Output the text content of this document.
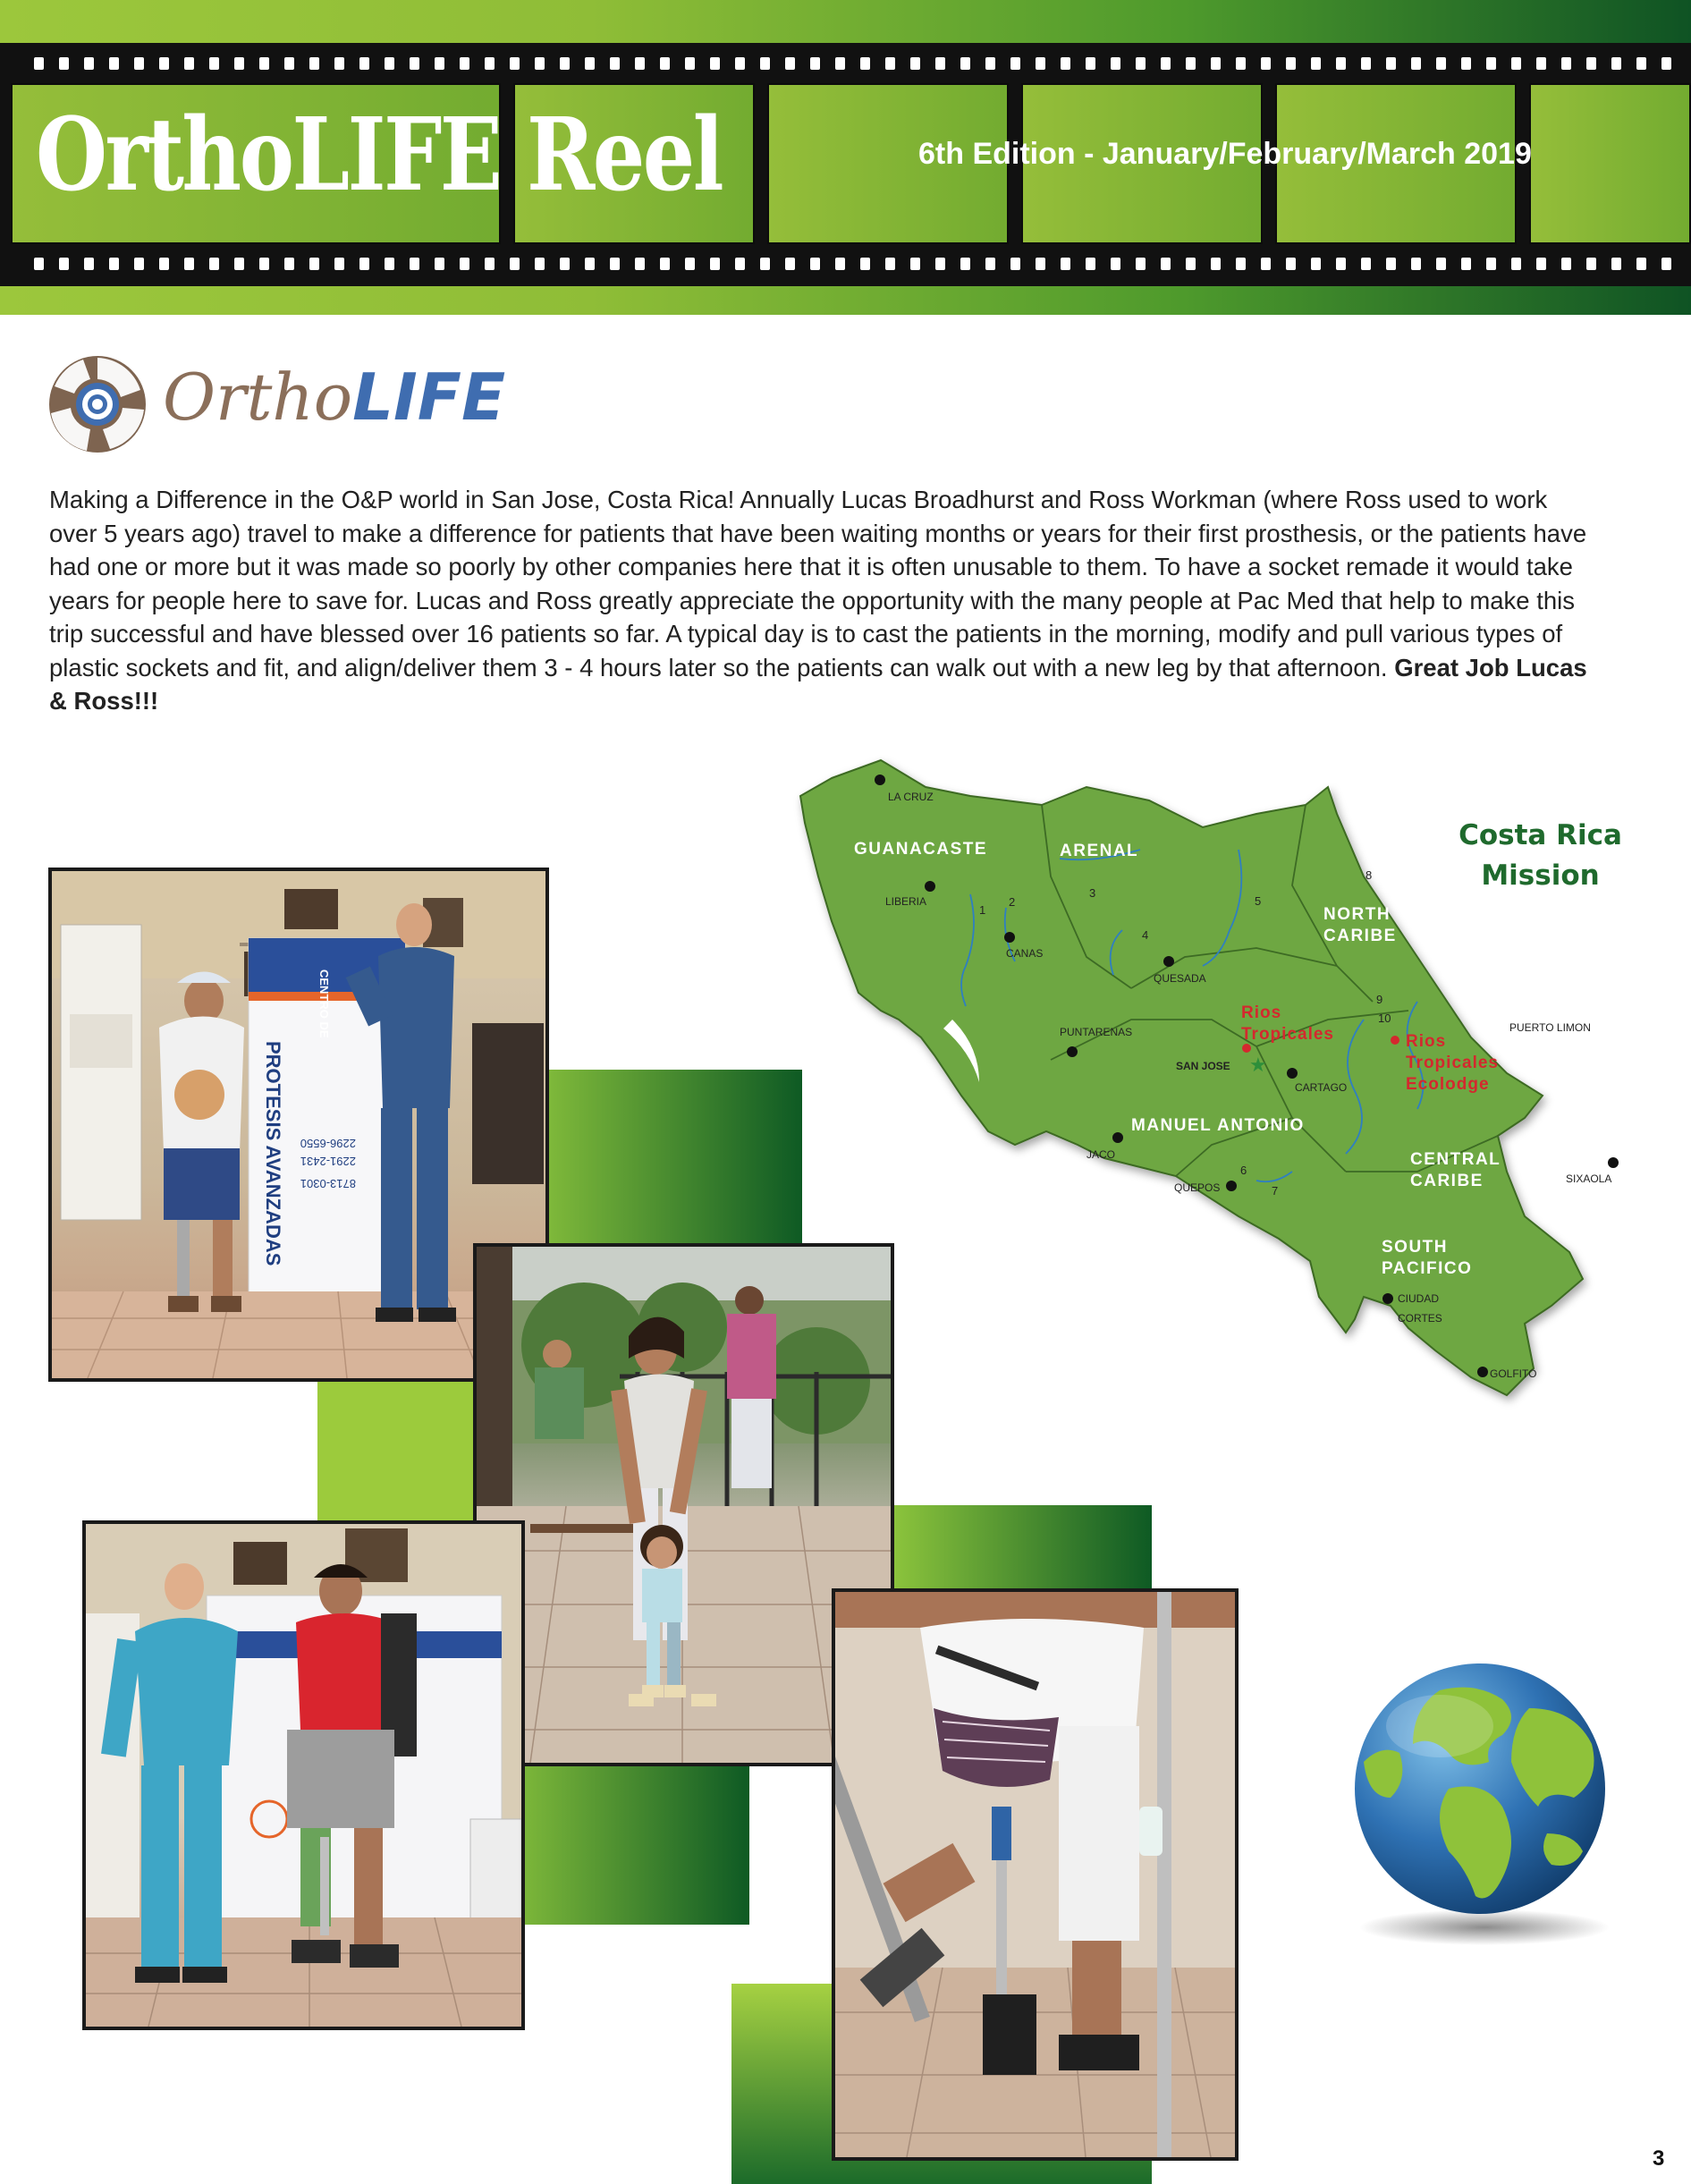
OrthoLIFE Reel	6th Edition - January/February/March 2019
OrthoLIFE
Making a Difference in the O&P world in San Jose, Costa Rica! Annually Lucas Broadhurst and Ross Workman (where Ross used to work over 5 years ago) travel to make a difference for patients that have been waiting months or years for their first prosthesis, or the patients have had one or more but it was made so poorly by other companies here that it is often unusable to them. To have a socket remade it would take years for people here to save for. Lucas and Ross greatly appreciate the opportunity with the many people at Pac Med that help to make this trip successful and have blessed over 16 patients so far. A typical day is to cast the patients in the morning, modify and pull various types of plastic sockets and fit, and align/deliver them 3 - 4 hours later so the patients can walk out with a new leg by that afternoon. Great Job Lucas & Ross!!!
CENTRO DE
PROTESIS AVANZADAS 2296-6550
2291-2431
8713-0301
GUANACASTE	ARENAL
NORTH
CARIBE
MANUEL ANTONIO
CENTRAL
CARIBE
SOUTH
PACIFICO
LA CRUZ
LIBERIA
CANAS
QUESADA
PUNTARENAS
SAN JOSE
CARTAGO
PUERTO LIMON
JACO
QUEPOS
SIXAOLA
CIUDAD
CORTES
GOLFITO
1
2
3
4
5
6
7
8
9
10
★
Rios
Tropicales	Rios
Tropicales
Ecolodge
Costa Rica
Mission
3
